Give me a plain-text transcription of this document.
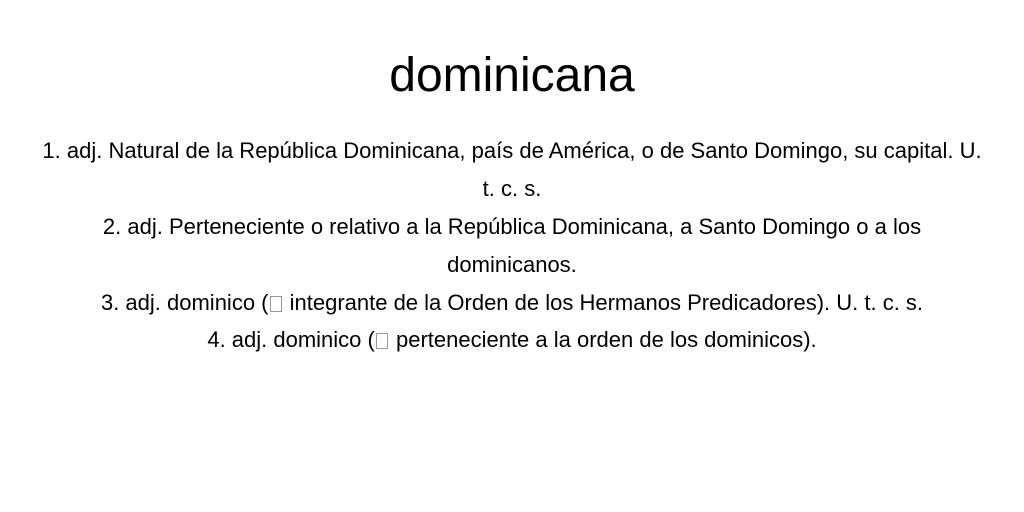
dominicana

1. adj. Natural de la República Dominicana, país de América, o de Santo Domingo, su capital. U. t. c. s.

2. adj. Perteneciente o relativo a la República Dominicana, a Santo Domingo o a los dominicanos.

3. adj. dominico ( integrante de la Orden de los Hermanos Predicadores). U. t. c. s.

4. adj. dominico ( perteneciente a la orden de los dominicos).
